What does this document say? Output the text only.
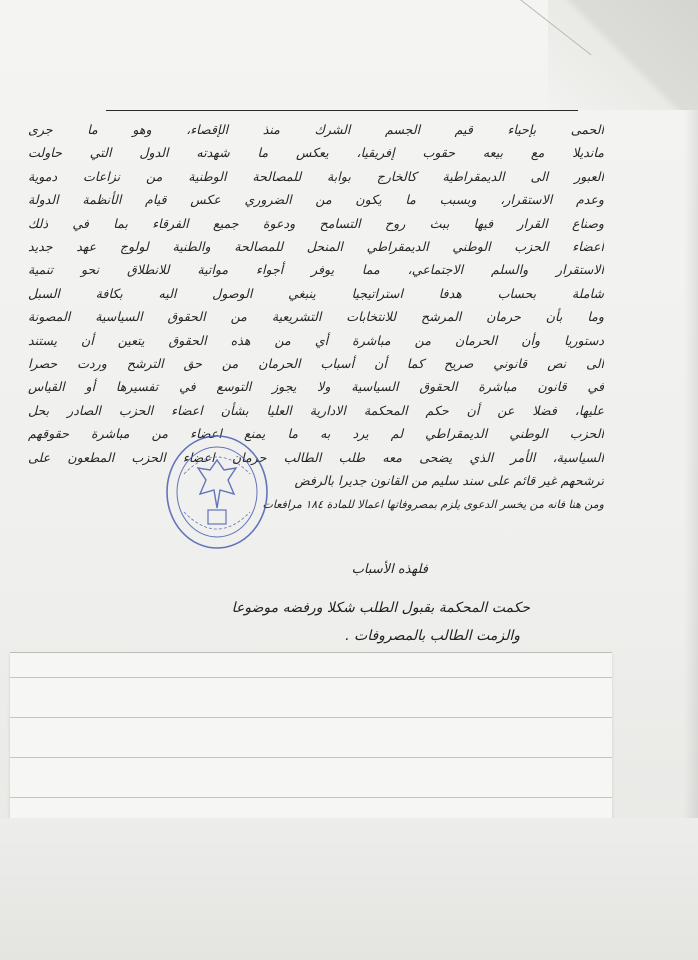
الحمى بإحياء قيم الجسم الشرك منذ الإقصاء، وهو ما جرى
مانديلا مع بيعه حقوب إفريقيا، يعكس ما شهدته الدول التي حاولت
العبور الى الديمقراطية كالخارج بوابة للمصالحة الوطنية من نزاعات دموية
وعدم الاستقرار، وبسبب ما يكون من الضروري عكس قيام الأنظمة الدولة
وصناع القرار فيها ببث روح التسامح ودعوة جميع الفرقاء بما في ذلك
أعضاء الحزب الوطني الديمقراطي المنحل للمصالحة والطنية لولوج عهد جديد
الاستقرار والسلم الاجتماعي، مما يوفر أجواء مواتية للانطلاق نحو تنمية
شاملة بحساب هدفا استراتيجيا ينبغي الوصول اليه بكافة السبل
وما بأن حرمان المرشح للانتخابات التشريعية من الحقوق السياسية المصونة
دستوريا وأن الحرمان من مباشرة أي من هذه الحقوق يتعين أن يستند
الى نص قانوني صريح كما أن أسباب الحرمان من حق الترشح وردت حصرا
في قانون مباشرة الحقوق السياسية ولا يجوز التوسع في تفسيرها أو القياس
عليها، فضلا عن أن حكم المحكمة الادارية العليا بشأن اعضاء الحزب الصادر بحل
الحزب الوطني الديمقراطي لم يرد به ما يمنع اعضاء من مباشرة حقوقهم
السياسية، الأمر الذي يضحى معه طلب الطالب حرمان اعضاء الحزب المطعون على
ترشحهم غير قائم على سند سليم من القانون جديرا بالرفض
ومن هنا فانه من يخسر الدعوى يلزم بمصروفاتها اعمالا للمادة ١٨٤ مرافعات
فلهذه الأسباب
حكمت المحكمة بقبول الطلب شكلا ورفضه موضوعا
والزمت الطالب بالمصروفات .
